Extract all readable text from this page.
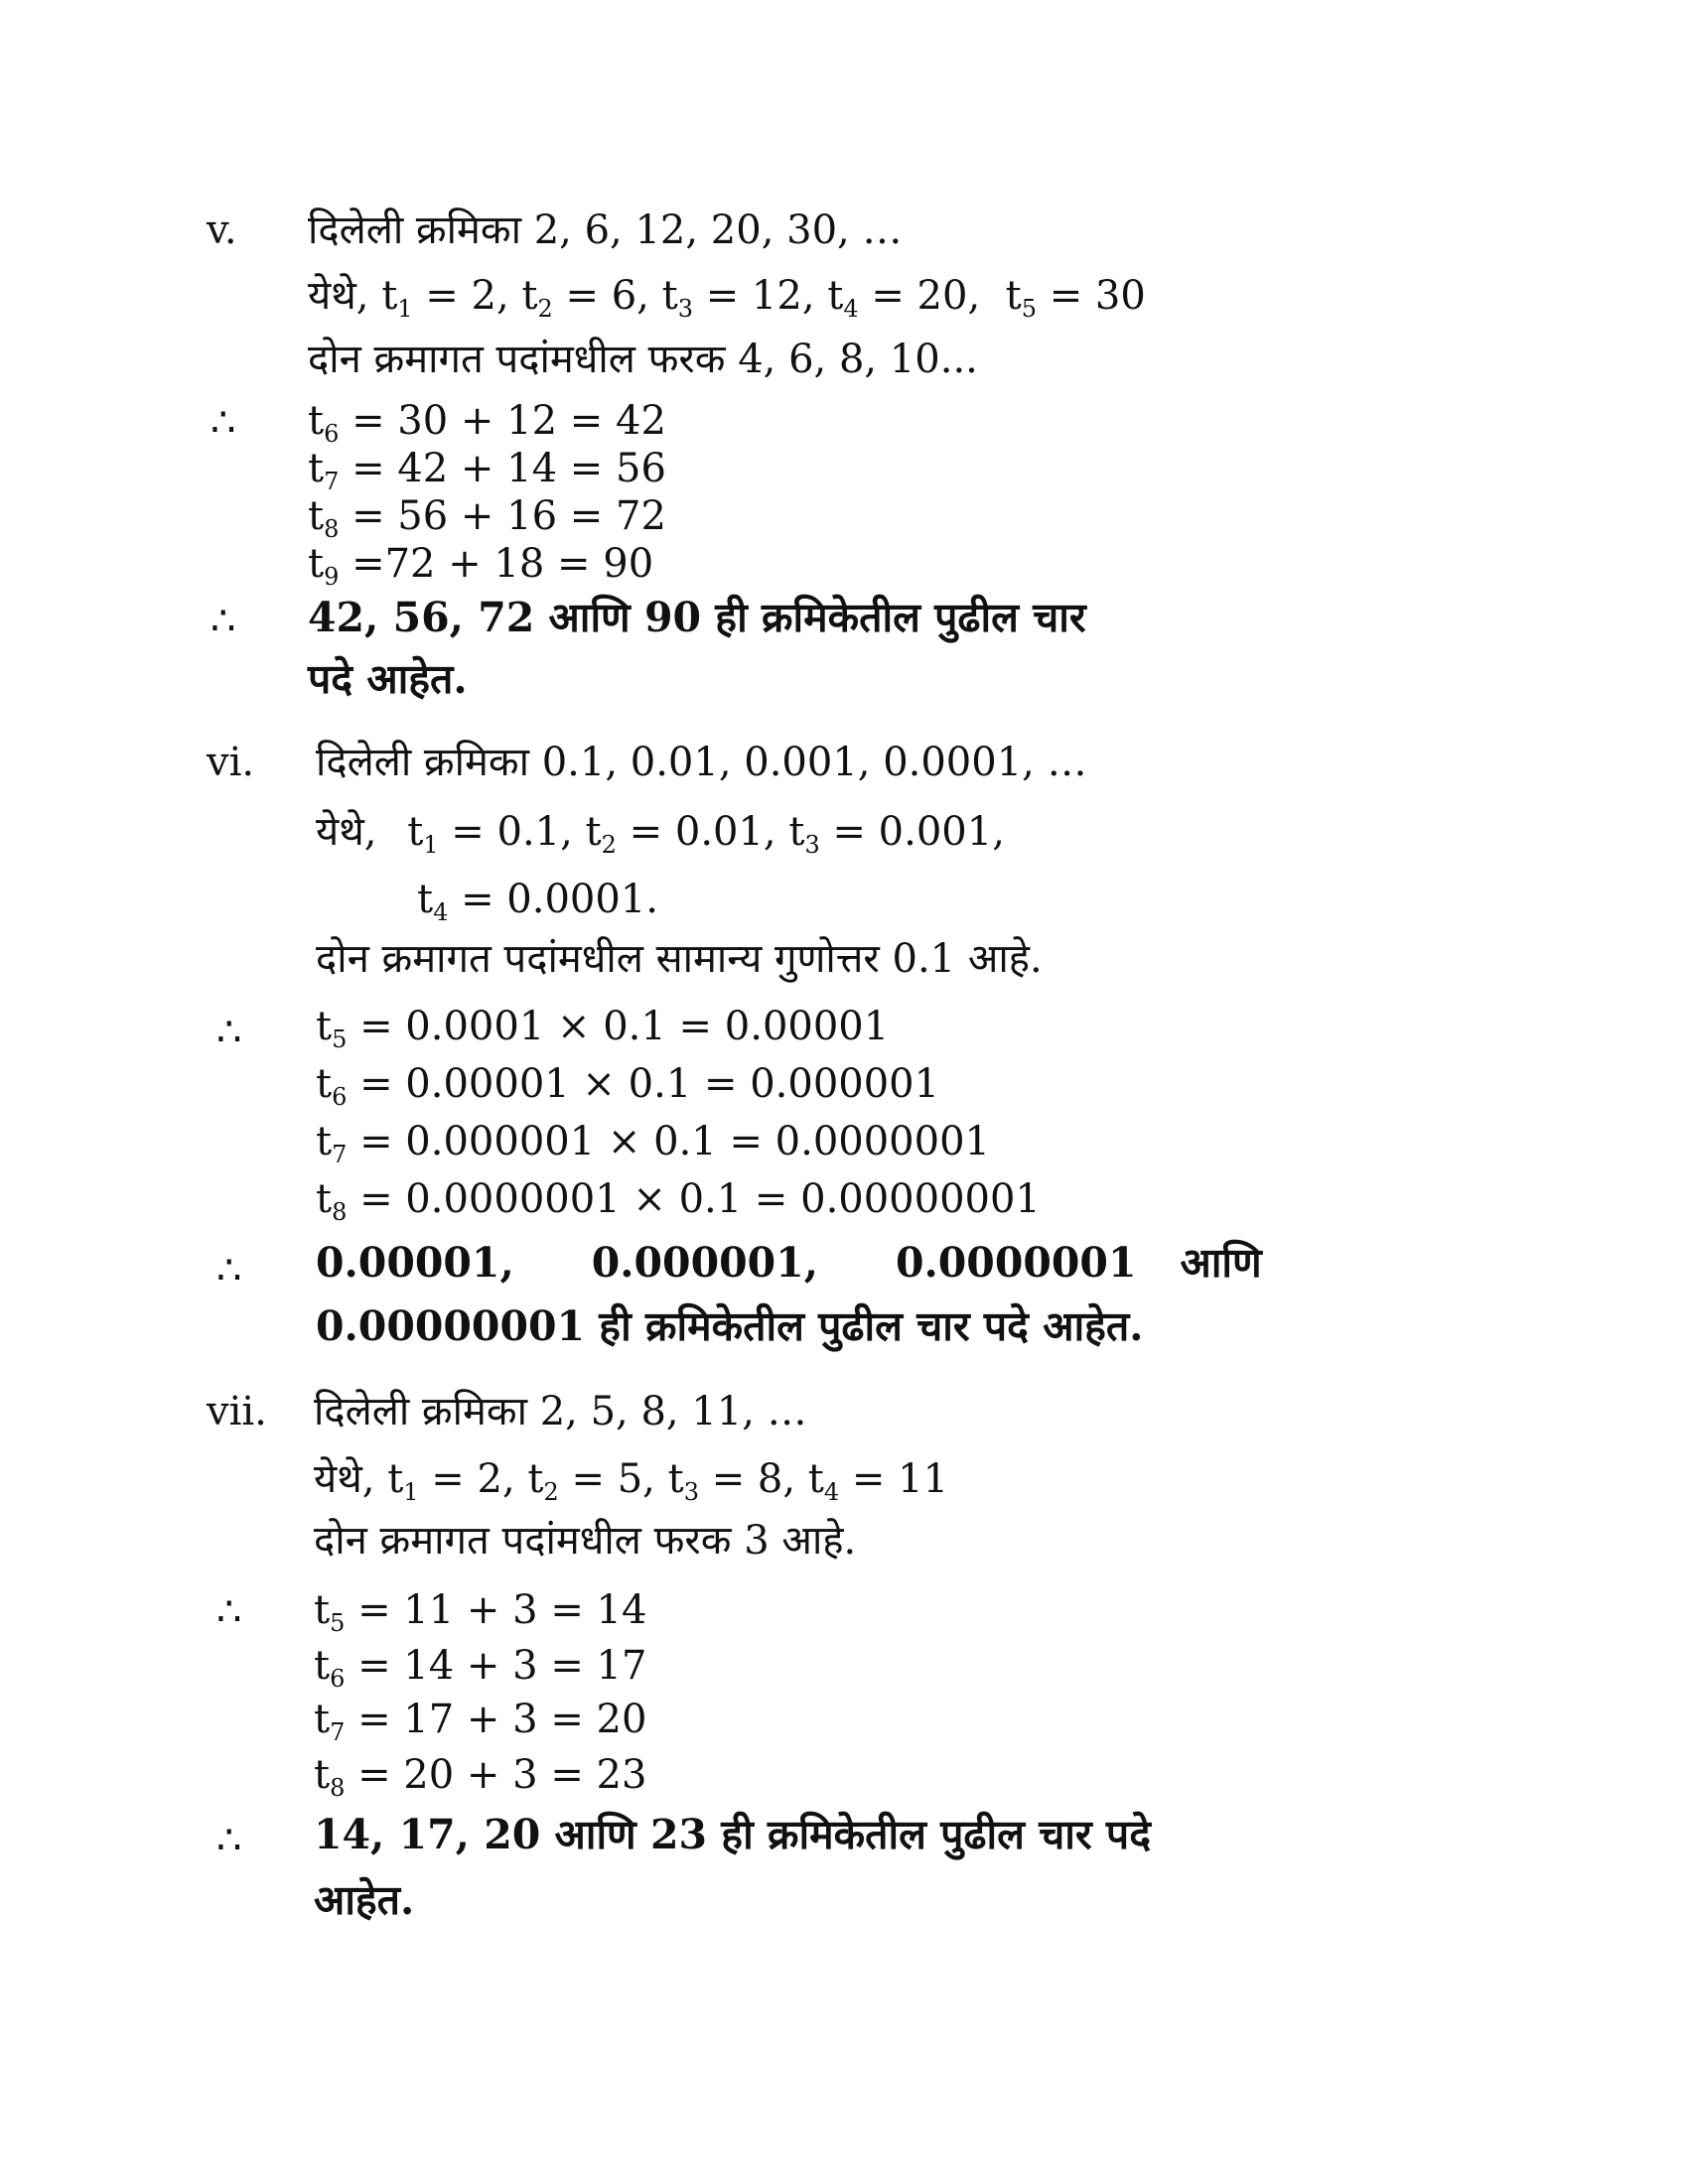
v. दिलेली क्रमिका 2, 6, 12, 20, 30, …
येथे, $t_1 = 2$, $t_2 = 6$, $t_3 = 12$, $t_4 = 20$,  $t_5 = 30$
दोन क्रमागत पदांमधील फरक 4, 6, 8, 10...
∴ $t_6 = 30 + 12 = 42$
$t_7 = 42 + 14 = 56$
$t_8 = 56 + 16 = 72$
$t_9 =72 + 18 = 90$
∴ 42, 56, 72 आणि 90 ही क्रमिकेतील पुढील चार
पदे आहेत.
vi. दिलेली क्रमिका 0.1, 0.01, 0.001, 0.0001, …
येथे, $t_1 = 0.1$, $t_2 = 0.01$, $t_3 = 0.001$,
$t_4 = 0.0001$.
दोन क्रमागत पदांमधील सामान्य गुणोत्तर 0.1 आहे.
∴ $t_5 = 0.0001 \times 0.1 = 0.00001$
$t_6 = 0.00001 \times 0.1 = 0.000001$
$t_7 = 0.000001 \times 0.1 = 0.0000001$
$t_8 = 0.0000001 \times 0.1 = 0.00000001$
∴ 0.00001, 0.000001, 0.0000001 आणि
0.00000001 ही क्रमिकेतील पुढील चार पदे आहेत.
vii. दिलेली क्रमिका 2, 5, 8, 11, …
येथे, $t_1 = 2$, $t_2 = 5$, $t_3 = 8$, $t_4 = 11$
दोन क्रमागत पदांमधील फरक 3 आहे.
∴ $t_5 = 11 + 3 = 14$
$t_6 = 14 + 3 = 17$
$t_7 = 17 + 3 = 20$
$t_8 = 20 + 3 = 23$
∴ 14, 17, 20 आणि 23 ही क्रमिकेतील पुढील चार पदे
आहेत.
